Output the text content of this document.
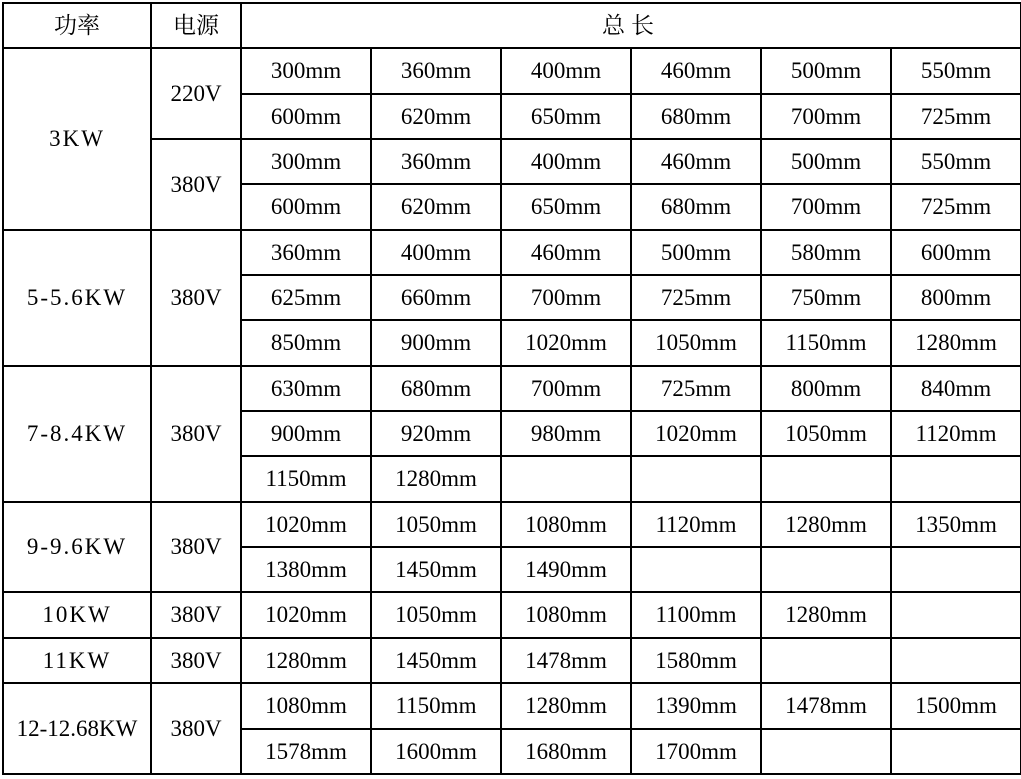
功率	电源	总长					
3KW	220V	300mm	360mm	400mm	460mm	500mm	550mm
		600mm	620mm	650mm	680mm	700mm	725mm
	380V	300mm	360mm	400mm	460mm	500mm	550mm
		600mm	620mm	650mm	680mm	700mm	725mm
5-5.6KW	380V	360mm	400mm	460mm	500mm	580mm	600mm
		625mm	660mm	700mm	725mm	750mm	800mm
		850mm	900mm	1020mm	1050mm	1150mm	1280mm
7-8.4KW	380V	630mm	680mm	700mm	725mm	800mm	840mm
		900mm	920mm	980mm	1020mm	1050mm	1120mm
		1150mm	1280mm				
9-9.6KW	380V	1020mm	1050mm	1080mm	1120mm	1280mm	1350mm
		1380mm	1450mm	1490mm			
10KW	380V	1020mm	1050mm	1080mm	1100mm	1280mm	
11KW	380V	1280mm	1450mm	1478mm	1580mm		
12-12.68KW	380V	1080mm	1150mm	1280mm	1390mm	1478mm	1500mm
		1578mm	1600mm	1680mm	1700mm		
